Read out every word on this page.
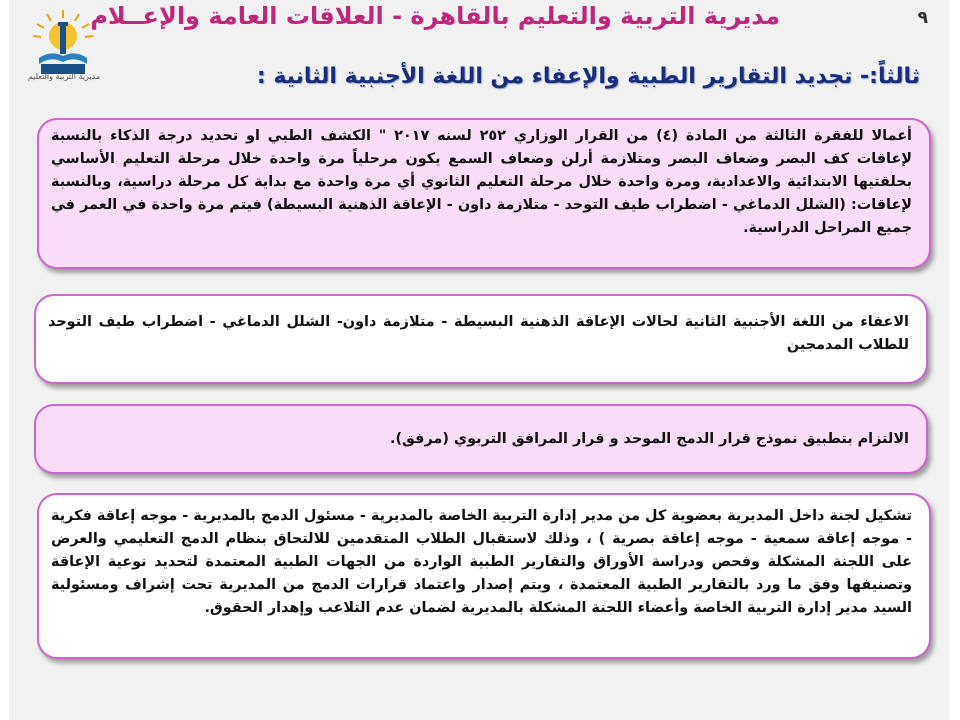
٩
مديرية التربية والتعليم بالقاهرة - العلاقات العامة والإعــلام
مديرية التربية والتعليم	ثالثاً:- تجديد التقارير الطبية والإعفاء من اللغة الأجنبية الثانية :
أعمالا للفقرة الثالثة من المادة (٤) من القرار الوزاري ٢٥٢ لسنه ٢٠١٧ " الكشف الطبي او تحديد درجة الذكاء بالنسبة لإعاقات كف البصر وضعاف البصر ومتلازمة أرلن وضعاف السمع يكون مرحلياً مرة واحدة خلال مرحلة التعليم الأساسي بحلقتيها الابتدائية والاعدادية، ومرة واحدة خلال مرحلة التعليم الثانوي أي مرة واحدة مع بداية كل مرحلة دراسية، وبالنسبة لإعاقات: (الشلل الدماغي - اضطراب طيف التوحد - متلازمة داون - الإعاقة الذهنية البسيطة) فيتم مرة واحدة في العمر في جميع المراحل الدراسية.
الاعفاء من اللغة الأجنبية الثانية لحالات الإعاقة الذهنية البسيطة - متلازمة داون- الشلل الدماغي - اضطراب طيف التوحد للطلاب المدمجين
الالتزام بتطبيق نموذج قرار الدمج الموحد و قرار المرافق التربوي (مرفق).
تشكيل لجنة داخل المديرية بعضوية كل من مدير إدارة التربية الخاصة بالمديرية - مسئول الدمج بالمديرية - موجه إعاقة فكرية - موجه إعاقة سمعية - موجه إعاقة بصرية ) ، وذلك لاستقبال الطلاب المتقدمين للالتحاق بنظام الدمج التعليمي والعرض على اللجنة المشكلة وفحص ودراسة الأوراق والتقارير الطبية الواردة من الجهات الطبية المعتمدة لتحديد نوعية الإعاقة وتصنيفها وفق ما ورد بالتقارير الطبية المعتمدة ، ويتم إصدار واعتماد قرارات الدمج من المديرية تحت إشراف ومسئولية السيد مدير إدارة التربية الخاصة وأعضاء اللجنة المشكلة بالمديرية لضمان عدم التلاعب وإهدار الحقوق.
